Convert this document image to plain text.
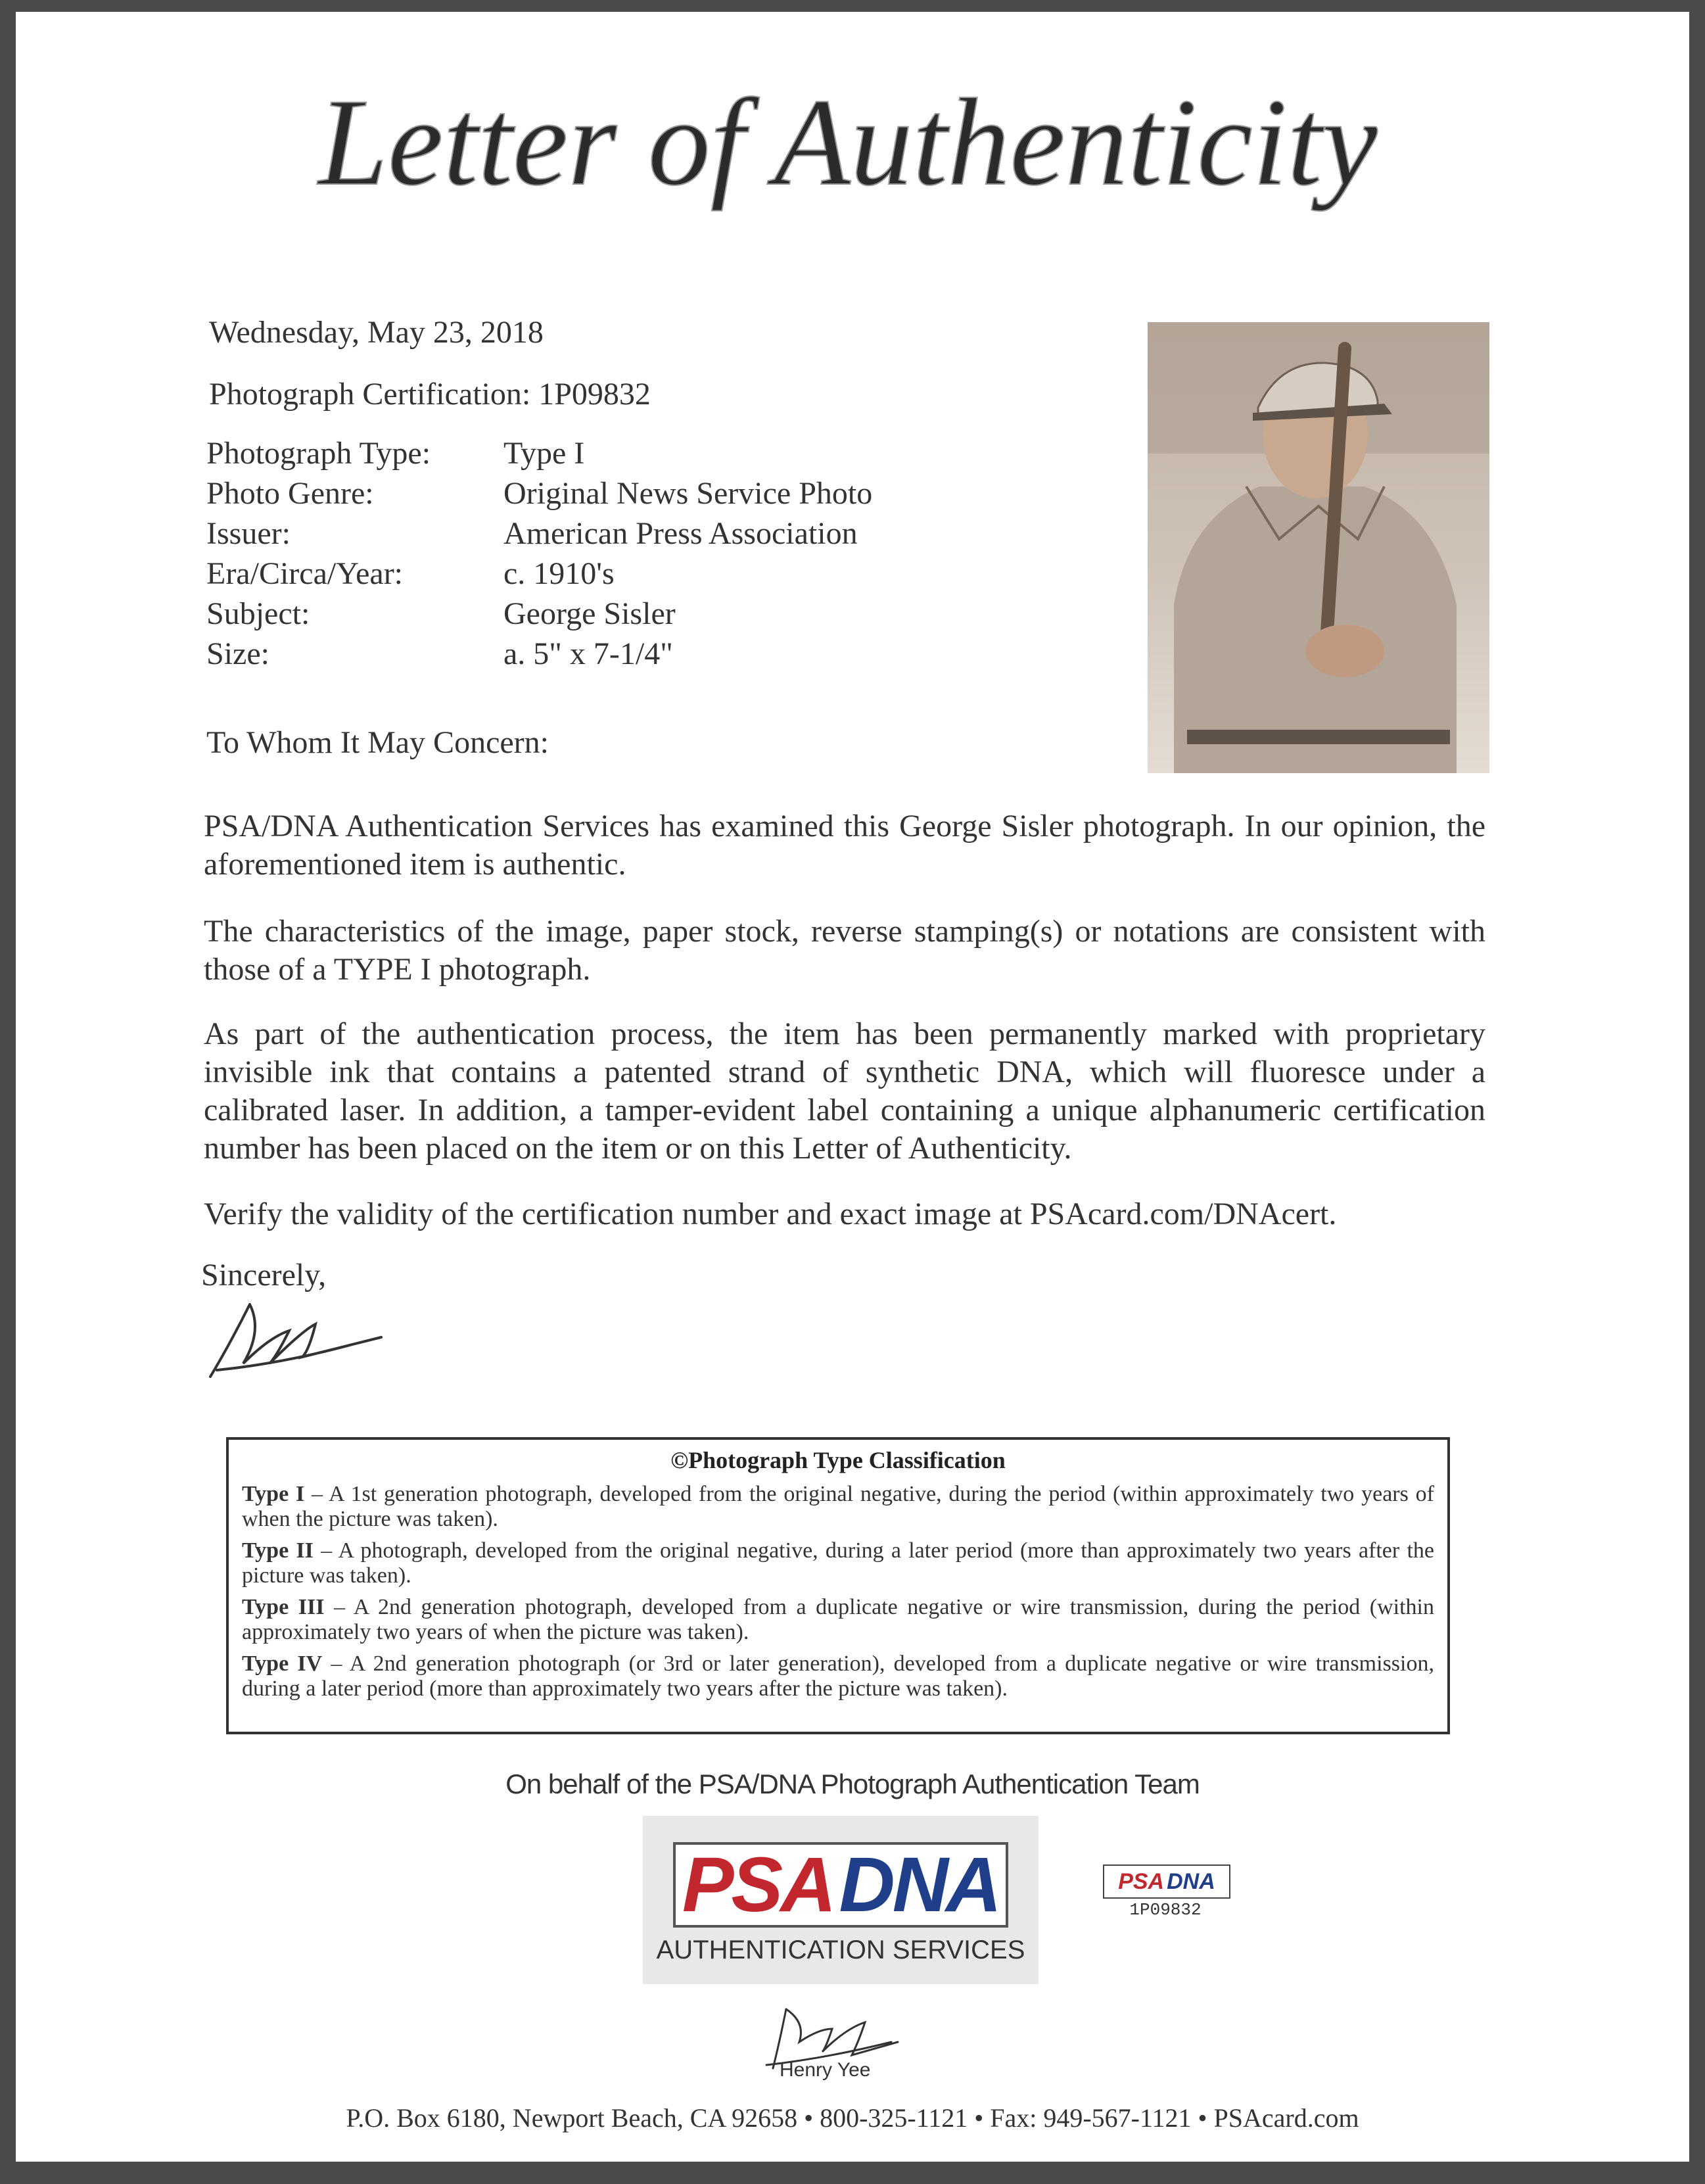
Letter of Authenticity
Wednesday, May 23, 2018
Photograph Certification: 1P09832
Photograph Type:	Type I
Photo Genre:	Original News Service Photo
Issuer:	American Press Association
Era/Circa/Year:	c. 1910's
Subject:	George Sisler
Size:	a. 5" x 7-1/4"
To Whom It May Concern:
PSA/DNA Authentication Services has examined this George Sisler photograph. In our opinion, the aforementioned item is authentic.
The characteristics of the image, paper stock, reverse stamping(s) or notations are consistent with those of a TYPE I photograph.
As part of the authentication process, the item has been permanently marked with proprietary invisible ink that contains a patented strand of synthetic DNA, which will fluoresce under a calibrated laser. In addition, a tamper-evident label containing a unique alphanumeric certification number has been placed on the item or on this Letter of Authenticity.
Verify the validity of the certification number and exact image at PSAcard.com/DNAcert.
Sincerely,
©Photograph Type Classification
Type I – A 1st generation photograph, developed from the original negative, during the period (within approximately two years of when the picture was taken).
Type II – A photograph, developed from the original negative, during a later period (more than approximately two years after the picture was taken).
Type III – A 2nd generation photograph, developed from a duplicate negative or wire transmission, during the period (within approximately two years of when the picture was taken).
Type IV – A 2nd generation photograph (or 3rd or later generation), developed from a duplicate negative or wire transmission, during a later period (more than approximately two years after the picture was taken).
On behalf of the PSA/DNA Photograph Authentication Team
PSA DNA
AUTHENTICATION SERVICES
PSA DNA
1P09832
Henry Yee
P.O. Box 6180, Newport Beach, CA 92658 • 800-325-1121 • Fax: 949-567-1121 • PSAcard.com
